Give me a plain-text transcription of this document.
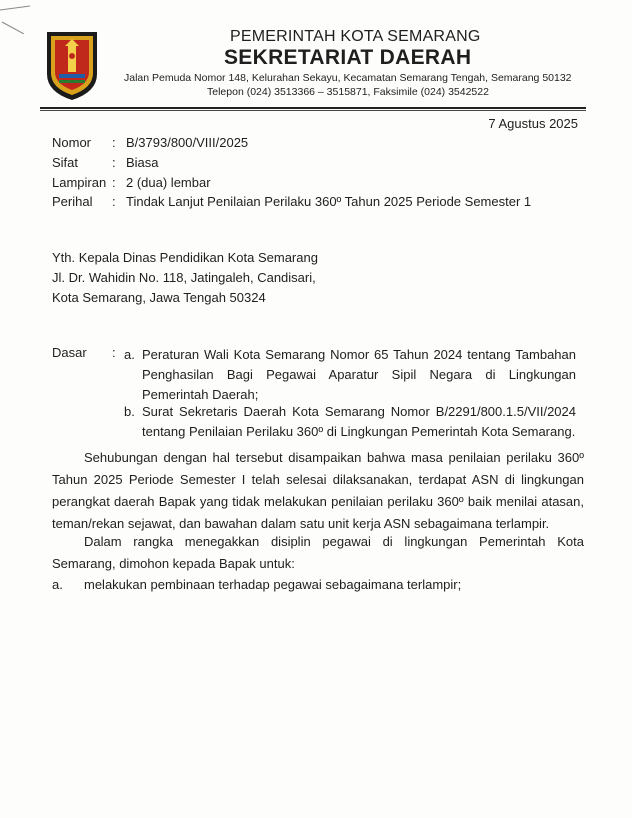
PEMERINTAH KOTA SEMARANG
SEKRETARIAT DAERAH
Jalan Pemuda Nomor 148, Kelurahan Sekayu, Kecamatan Semarang Tengah, Semarang 50132
Telepon (024) 3513366 – 3515871, Faksimile (024) 3542522
7 Agustus 2025
Nomor : B/3793/800/VIII/2025
Sifat	: Biasa
Lampiran : 2 (dua) lembar
Perihal : Tindak Lanjut Penilaian Perilaku 360º Tahun 2025 Periode Semester 1
Yth. Kepala Dinas Pendidikan Kota Semarang
Jl. Dr. Wahidin No. 118, Jatingaleh, Candisari,
Kota Semarang, Jawa Tengah 50324
Dasar : a. Peraturan Wali Kota Semarang Nomor 65 Tahun 2024 tentang Tambahan Penghasilan Bagi Pegawai Aparatur Sipil Negara di Lingkungan Pemerintah Daerah;
b. Surat Sekretaris Daerah Kota Semarang Nomor B/2291/800.1.5/VII/2024 tentang Penilaian Perilaku 360º di Lingkungan Pemerintah Kota Semarang.
Sehubungan dengan hal tersebut disampaikan bahwa masa penilaian perilaku 360º Tahun 2025 Periode Semester I telah selesai dilaksanakan, terdapat ASN di lingkungan perangkat daerah Bapak yang tidak melakukan penilaian perilaku 360º baik menilai atasan, teman/rekan sejawat, dan bawahan dalam satu unit kerja ASN sebagaimana terlampir.
Dalam rangka menegakkan disiplin pegawai di lingkungan Pemerintah Kota Semarang, dimohon kepada Bapak untuk:
a. melakukan pembinaan terhadap pegawai sebagaimana terlampir;
